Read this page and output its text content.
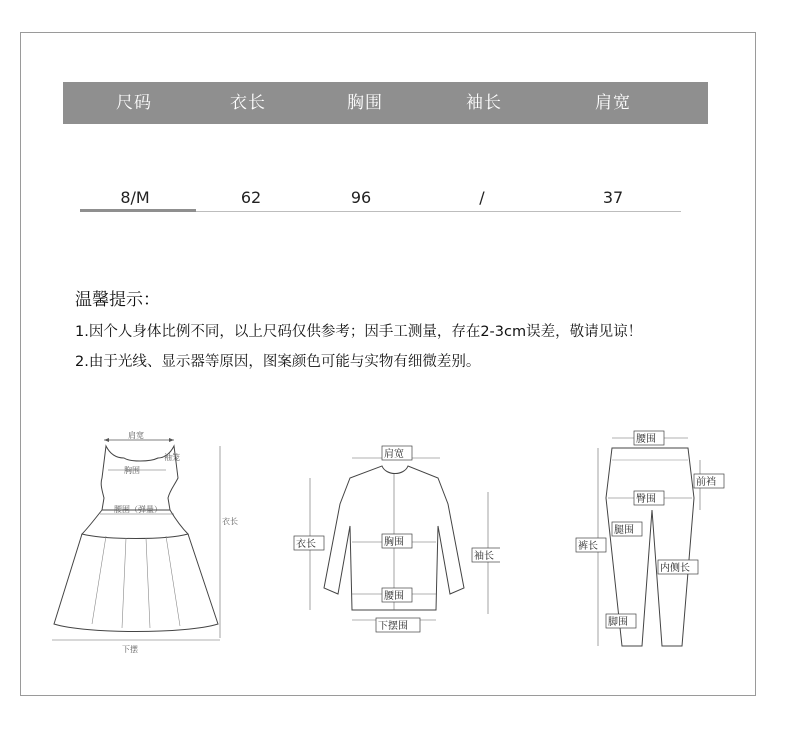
尺码	衣长	胸围	袖长	肩宽
8/M	62	96	/	37
温馨提示：
1.因个人身体比例不同，以上尺码仅供参考；因手工测量，存在2-3cm误差，敬请见谅！
2.由于光线、显示器等原因，图案颜色可能与实物有细微差别。
肩宽
胸围
袖笼
腰围（弹量）
衣长
下摆
肩宽
衣长	胸围
袖长
腰围
下摆围
腰围
前裆
臀围
腿围
裤长
内侧长
脚围
